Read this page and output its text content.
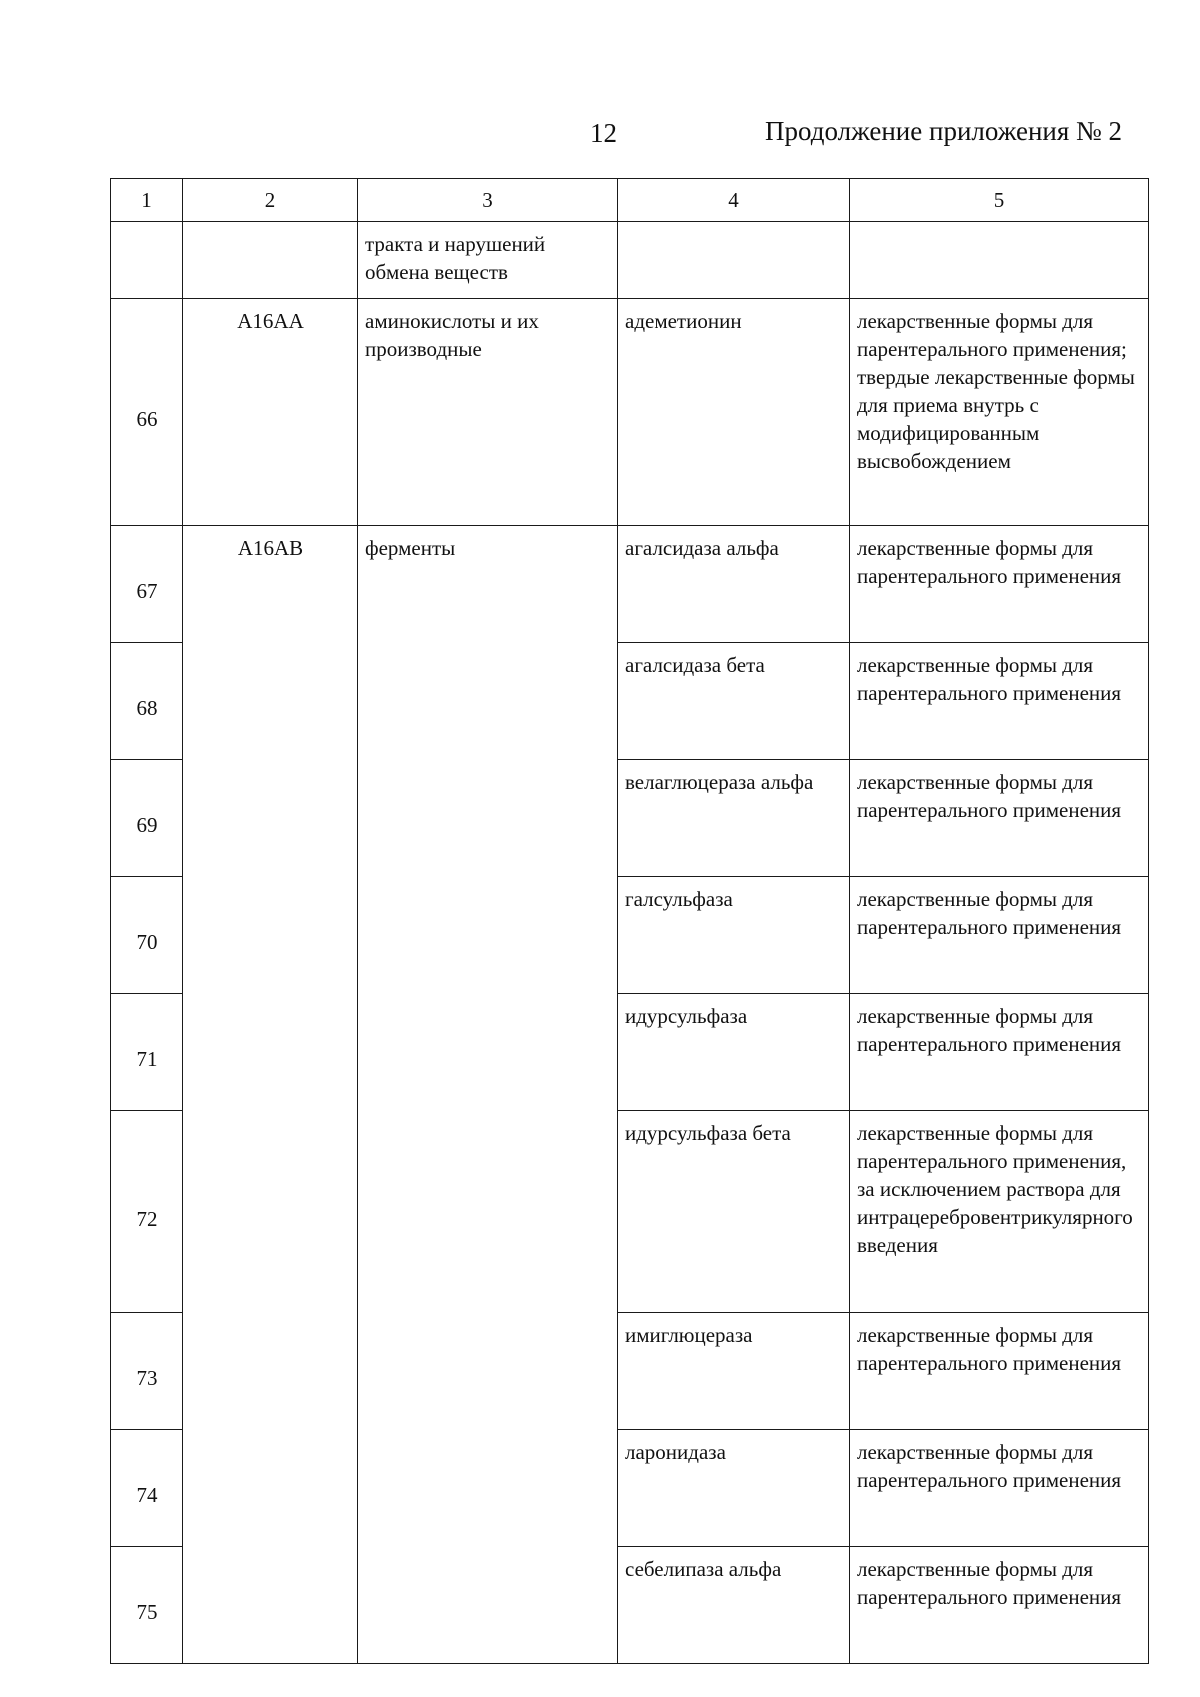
12	Продолжение приложения № 2
1	2	3	4	5
		тракта и нарушений обмена веществ		
66	A16AA	аминокислоты и их производные	адеметионин	лекарственные формы для парентерального применения;
твердые лекарственные формы для приема внутрь с модифицированным высвобождением
67	A16AB	ферменты	агалсидаза альфа	лекарственные формы для парентерального применения
68			агалсидаза бета	лекарственные формы для парентерального применения
69			велаглюцераза альфа	лекарственные формы для парентерального применения
70			галсульфаза	лекарственные формы для парентерального применения
71			идурсульфаза	лекарственные формы для парентерального применения
72			идурсульфаза бета	лекарственные формы для парентерального применения, за исключением раствора для интрацеребровентрикулярного введения
73			имиглюцераза	лекарственные формы для парентерального применения
74			ларонидаза	лекарственные формы для парентерального применения
75			себелипаза альфа	лекарственные формы для парентерального применения
